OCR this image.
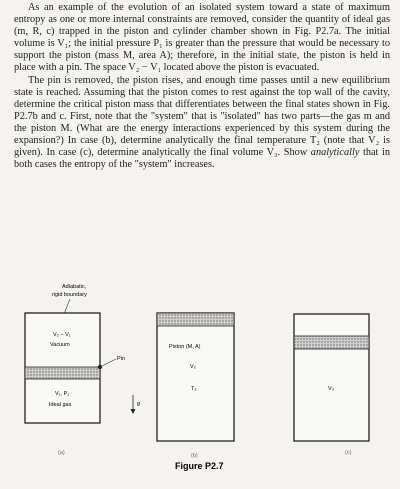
As an example of the evolution of an isolated system toward a state of maximum entropy as one or more internal constraints are removed, consider the quantity of ideal gas (m, R, c) trapped in the piston and cylinder chamber shown in Fig. P2.7a. The initial volume is V₁; the initial pressure P₁ is greater than the pressure that would be necessary to support the piston (mass M, area A); therefore, in the initial state, the piston is held in place with a pin. The space V₂ − V₁ located above the piston is evacuated.

The pin is removed, the piston rises, and enough time passes until a new equilibrium state is reached. Assuming that the piston comes to rest against the top wall of the cavity, determine the critical piston mass that differentiates between the final states shown in Fig. P2.7b and c. First, note that the "system" that is "isolated" has two parts—the gas m and the piston M. (What are the energy interactions experienced by this system during the expansion?) In case (b), determine analytically the final temperature T₂ (note that V₂ is given). In case (c), determine analytically the final volume V₃. Show analytically that in both cases the entropy of the "system" increases.

Adiabatic,
rigid boundary
Pin
V₂ − V₁
Vacuum
V₁, P₁
Ideal gas	g
(a)
Piston (M, A)
V₂
T₂
(b)
V₃
(c)
Figure P2.7
